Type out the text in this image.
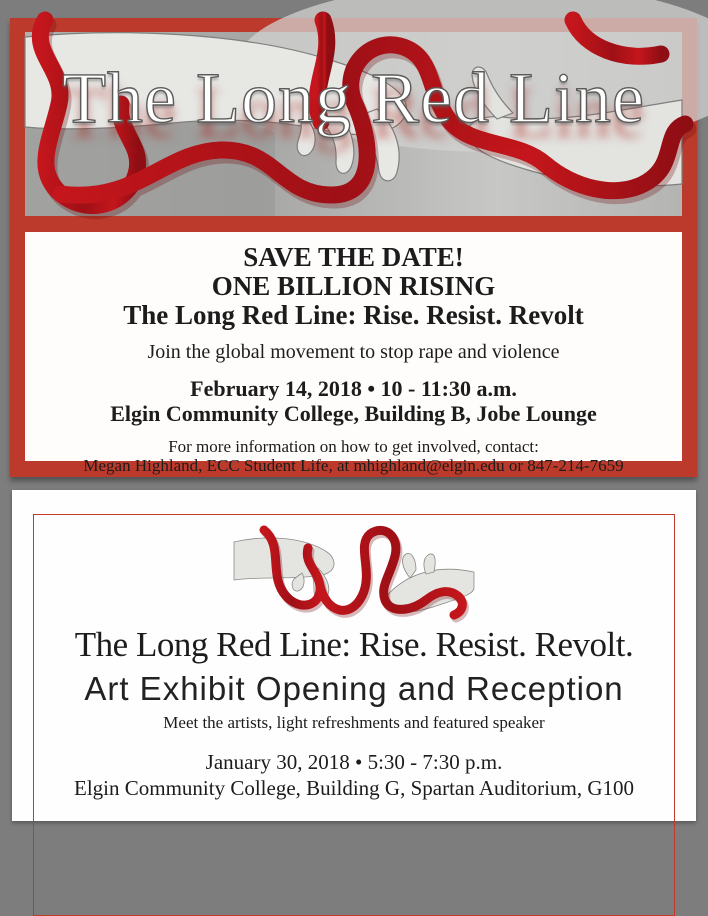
The Long Red Line
SAVE THE DATE!
ONE BILLION RISING
The Long Red Line: Rise. Resist. Revolt
Join the global movement to stop rape and violence
February 14, 2018 • 10 - 11:30 a.m.
Elgin Community College, Building B, Jobe Lounge
For more information on how to get involved, contact:
Megan Highland, ECC Student Life, at mhighland@elgin.edu or 847-214-7659
The Long Red Line: Rise. Resist. Revolt.
Art Exhibit Opening and Reception
Meet the artists, light refreshments and featured speaker
January 30, 2018 • 5:30 - 7:30 p.m.
Elgin Community College, Building G, Spartan Auditorium, G100
